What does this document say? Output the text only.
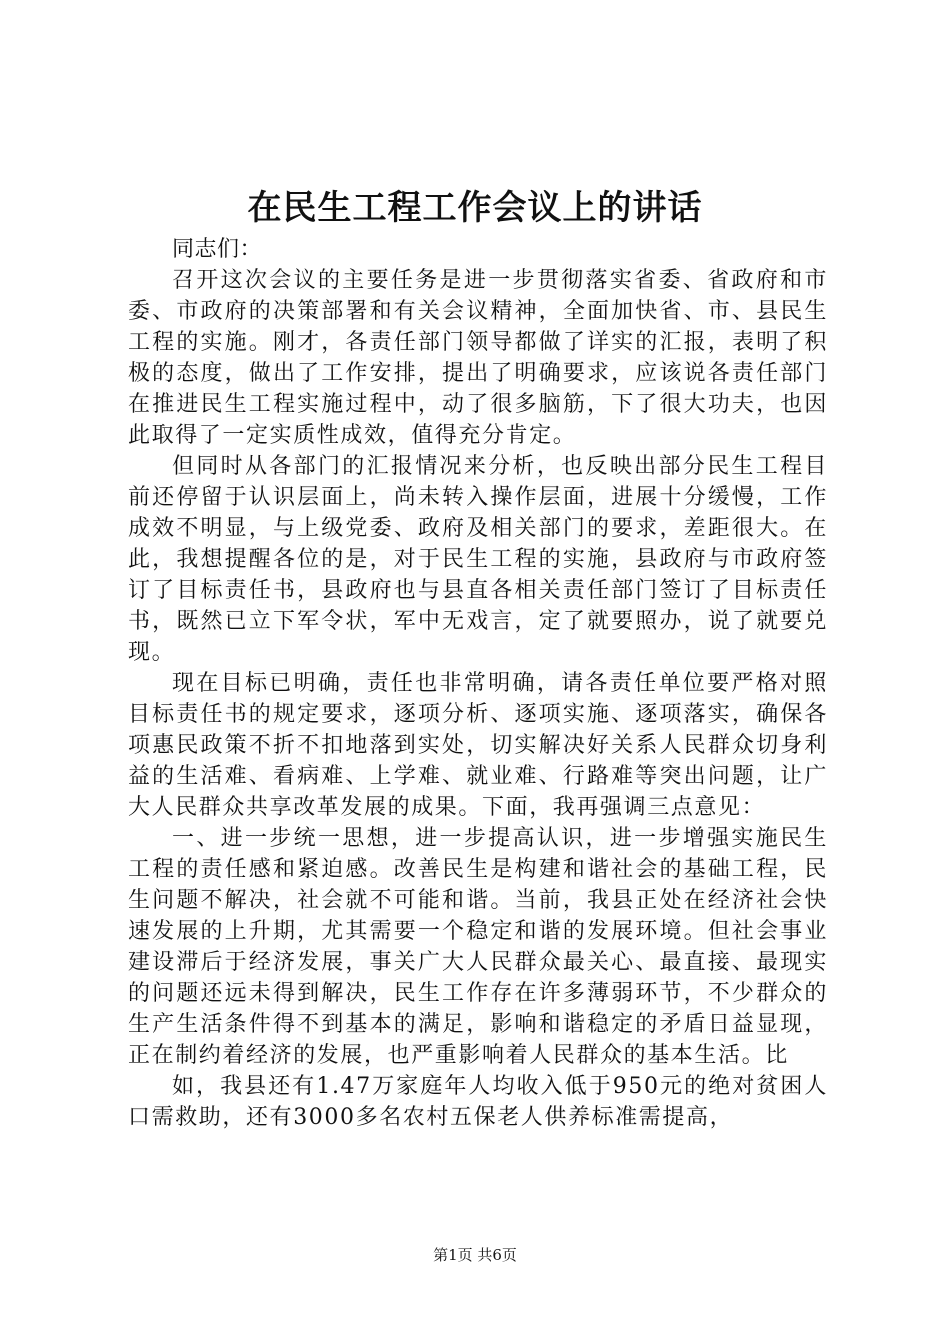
在民生工程工作会议上的讲话

同志们：

召开这次会议的主要任务是进一步贯彻落实省委、省政府和市委、市政府的决策部署和有关会议精神，全面加快省、市、县民生工程的实施。刚才，各责任部门领导都做了详实的汇报，表明了积极的态度，做出了工作安排，提出了明确要求，应该说各责任部门在推进民生工程实施过程中，动了很多脑筋，下了很大功夫，也因此取得了一定实质性成效，值得充分肯定。

但同时从各部门的汇报情况来分析，也反映出部分民生工程目前还停留于认识层面上，尚未转入操作层面，进展十分缓慢，工作成效不明显，与上级党委、政府及相关部门的要求，差距很大。在此，我想提醒各位的是，对于民生工程的实施，县政府与市政府签订了目标责任书，县政府也与县直各相关责任部门签订了目标责任书，既然已立下军令状，军中无戏言，定了就要照办，说了就要兑现。

现在目标已明确，责任也非常明确，请各责任单位要严格对照目标责任书的规定要求，逐项分析、逐项实施、逐项落实，确保各项惠民政策不折不扣地落到实处，切实解决好关系人民群众切身利益的生活难、看病难、上学难、就业难、行路难等突出问题，让广大人民群众共享改革发展的成果。下面，我再强调三点意见：

一、进一步统一思想，进一步提高认识，进一步增强实施民生工程的责任感和紧迫感。改善民生是构建和谐社会的基础工程，民生问题不解决，社会就不可能和谐。当前，我县正处在经济社会快速发展的上升期，尤其需要一个稳定和谐的发展环境。但社会事业建设滞后于经济发展，事关广大人民群众最关心、最直接、最现实的问题还远未得到解决，民生工作存在许多薄弱环节，不少群众的生产生活条件得不到基本的满足，影响和谐稳定的矛盾日益显现，正在制约着经济的发展，也严重影响着人民群众的基本生活。比

如，我县还有1.47万家庭年人均收入低于950元的绝对贫困人口需救助，还有3000多名农村五保老人供养标准需提高，

第1页 共6页
